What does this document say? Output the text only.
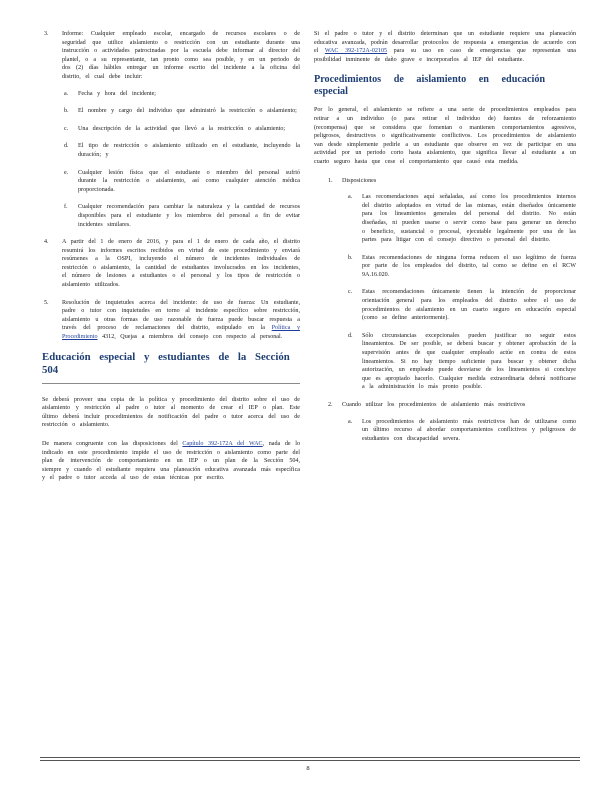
3. Informe: Cualquier empleado escolar, encargado de recursos escolares o de seguridad que utilice aislamiento o restricción con un estudiante durante una instrucción o actividades patrocinadas por la escuela debe informar al director del plantel, o a su representante, tan pronto como sea posible, y en un periodo de dos (2) días hábiles entregar un informe escrito del incidente a la oficina del distrito, el cual debe incluir:

a. Fecha y hora del incidente;

b. El nombre y cargo del individuo que administró la restricción o aislamiento;

c. Una descripción de la actividad que llevó a la restricción o aislamiento;

d. El tipo de restricción o aislamiento utilizado en el estudiante, incluyendo la duración; y

e. Cualquier lesión física que el estudiante o miembro del personal sufrió durante la restricción o aislamiento, así como cualquier atención médica proporcionada.

f. Cualquier recomendación para cambiar la naturaleza y la cantidad de recursos disponibles para el estudiante y los miembros del personal a fin de evitar incidentes similares.

4. A partir del 1 de enero de 2016, y para el 1 de enero de cada año, el distrito resumirá los informes escritos recibidos en virtud de este procedimiento y enviará resúmenes a la OSPI, incluyendo el número de incidentes individuales de restricción o aislamiento, la cantidad de estudiantes involucrados en los incidentes, el número de lesiones a estudiantes o el personal y los tipos de restricción o aislamiento utilizados.

5. Resolución de inquietudes acerca del incidente: de uso de fuerza: Un estudiante, padre o tutor con inquietudes en torno al incidente específico sobre restricción, aislamiento u otras formas de uso razonable de fuerza puede buscar respuesta a través del proceso de reclamaciones del distrito, estipulado en la Política y Procedimiento 4312, Quejas a miembros del consejo con respecto al personal.

Educación especial y estudiantes de la Sección 504

Se deberá proveer una copia de la política y procedimiento del distrito sobre el uso de aislamiento y restricción al padre o tutor al momento de crear el IEP o plan. Este último deberá incluir procedimientos de notificación del padre o tutor acerca del uso de restricción o aislamiento.

De manera congruente con las disposiciones del Capítulo 392-172A del WAC, nada de lo indicado en este procedimiento impide el uso de restricción o aislamiento como parte del plan de intervención de comportamiento en un IEP o un plan de la Sección 504, siempre y cuando el estudiante requiera una planeación educativa avanzada más específica y el padre o tutor acceda al uso de estas técnicas por escrito.

Si el padre o tutor y el distrito determinan que un estudiante requiere una planeación educativa avanzada, podrán desarrollar protocolos de respuesta a emergencias de acuerdo con el WAC 392-172A-02105 para su uso en caso de emergencias que representan una posibilidad inminente de daño grave e incorporarlos al IEP del estudiante.

Procedimientos de aislamiento en educación especial

Por lo general, el aislamiento se refiere a una serie de procedimientos empleados para retirar a un individuo (o para retirar el individuo de) fuentes de reforzamiento (recompensa) que se considera que fomentan o mantienen comportamientos agresivos, peligrosos, destructivos o significativamente conflictivos. Los procedimientos de aislamiento van desde simplemente pedirle a un estudiante que observe en vez de participar en una actividad por un periodo corto hasta aislamiento, que significa llevar al estudiante a un cuarto seguro hasta que cese el comportamiento que causó esta medida.

1. Disposiciones

a. Las recomendaciones aquí señaladas, así como los procedimientos internos del distrito adoptados en virtud de las mismas, están diseñados únicamente para los lineamientos generales del personal del distrito. No están diseñadas, ni pueden usarse o servir como base para generar un derecho o beneficio, sustancial o procesal, ejecutable legalmente por una de las partes para litigar con el consejo directivo o personal del distrito.

b. Estas recomendaciones de ninguna forma reducen el uso legítimo de fuerza por parte de los empleados del distrito, tal como se define en el RCW 9A.16.020.

c. Estas recomendaciones únicamente tienen la intención de proporcionar orientación general para los empleados del distrito sobre el uso de procedimientos de aislamiento en un cuarto seguro en educación especial (como se define anteriormente).

d. Sólo circunstancias excepcionales pueden justificar no seguir estos lineamientos. De ser posible, se deberá buscar y obtener aprobación de la supervisión antes de que cualquier empleado actúe en contra de estos lineamientos. Si no hay tiempo suficiente para buscar y obtener dicha autorización, un empleado puede desviarse de los lineamientos si concluye que es apropiado hacerlo. Cualquier medida extraordinaria deberá notificarse a la administración lo más pronto posible.

2. Cuando utilizar los procedimientos de aislamiento más restrictivos

a. Los procedimientos de aislamiento más restrictivos han de utilizarse como un último recurso al abordar comportamientos conflictivos y peligrosos de estudiantes con discapacidad severa.

8
